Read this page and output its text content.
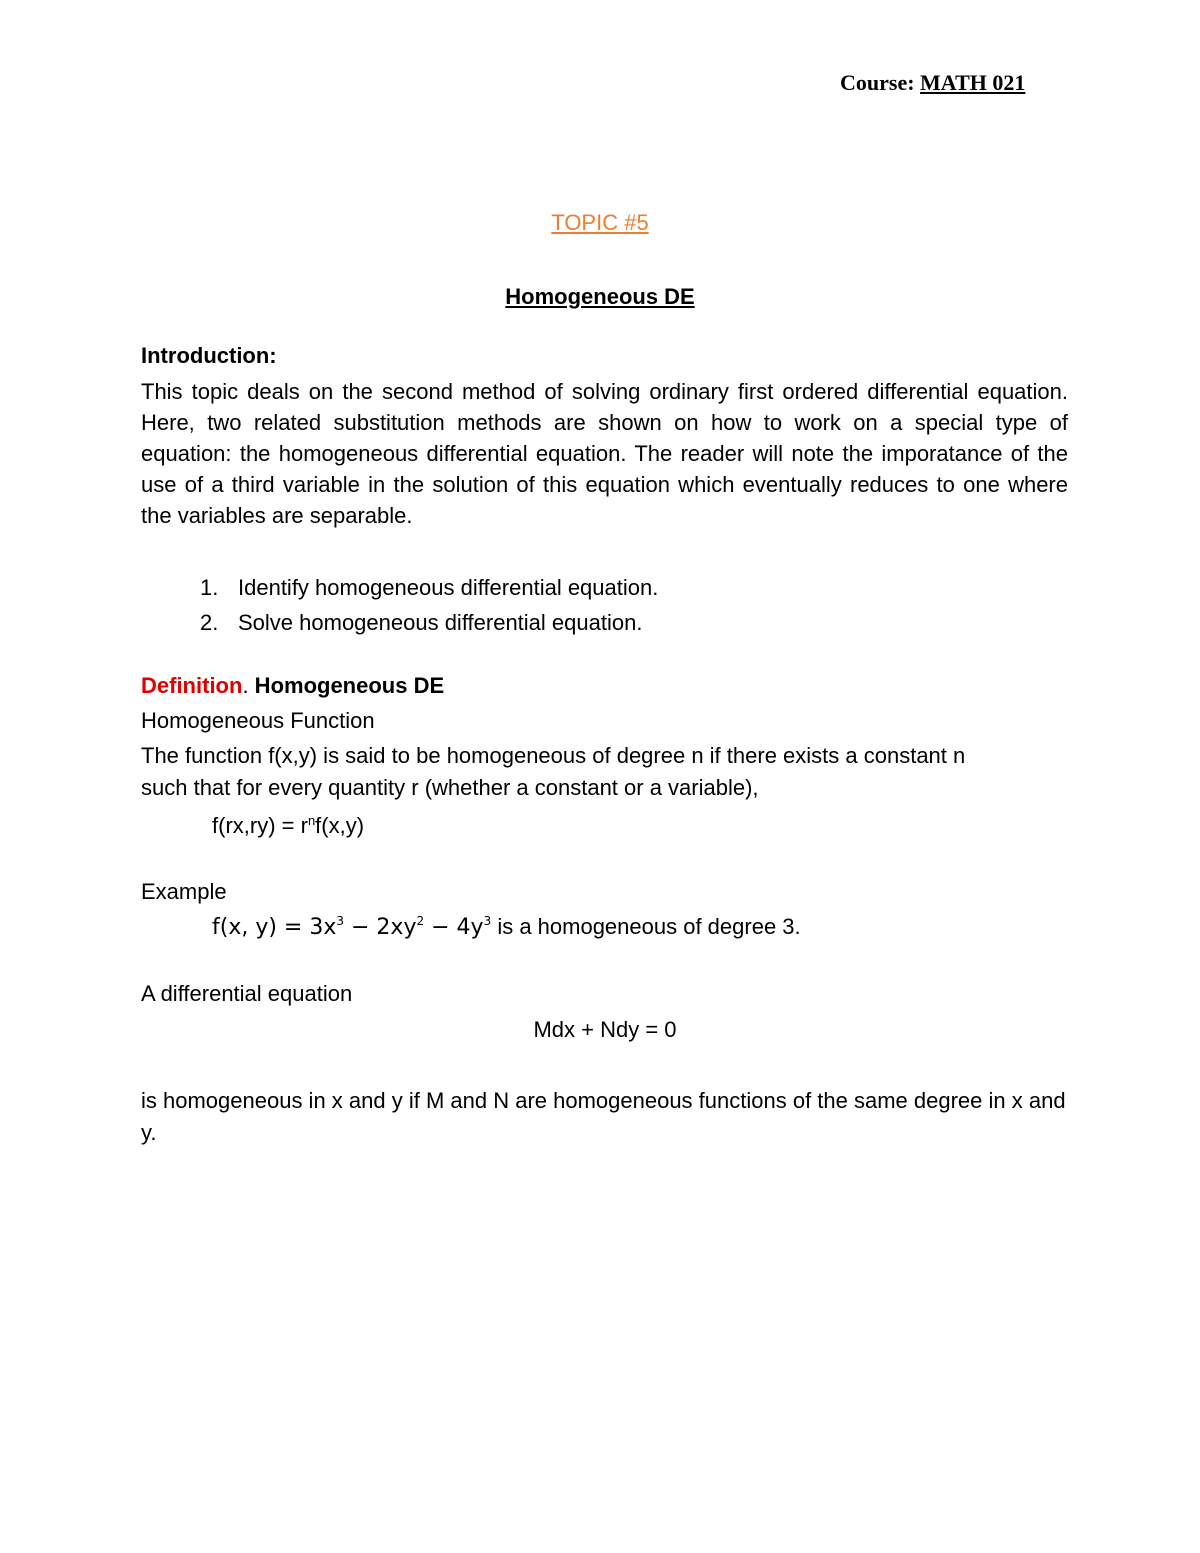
Course: MATH 021
TOPIC #5
Homogeneous DE
Introduction:

This topic deals on the second method of solving ordinary first ordered differential equation. Here, two related substitution methods are shown on how to work on a special type of equation: the homogeneous differential equation. The reader will note the imporatance of the use of a third variable in the solution of this equation which eventually reduces to one where the variables are separable.

1. Identify homogeneous differential equation.
2. Solve homogeneous differential equation.
Definition. Homogeneous DE
Homogeneous Function
The function f(x,y) is said to be homogeneous of degree n if there exists a constant n
such that for every quantity r (whether a constant or a variable),
$f(rx,ry) = r^nf(x,y)$
Example
f(x, $y) = 3x^3 - 2xy^2 - 4y^3$ is a homogeneous of degree 3.
A differential equation
Mdx + Ndy = 0

is homogeneous in x and y if M and N are homogeneous functions of the same degree in x and y.
